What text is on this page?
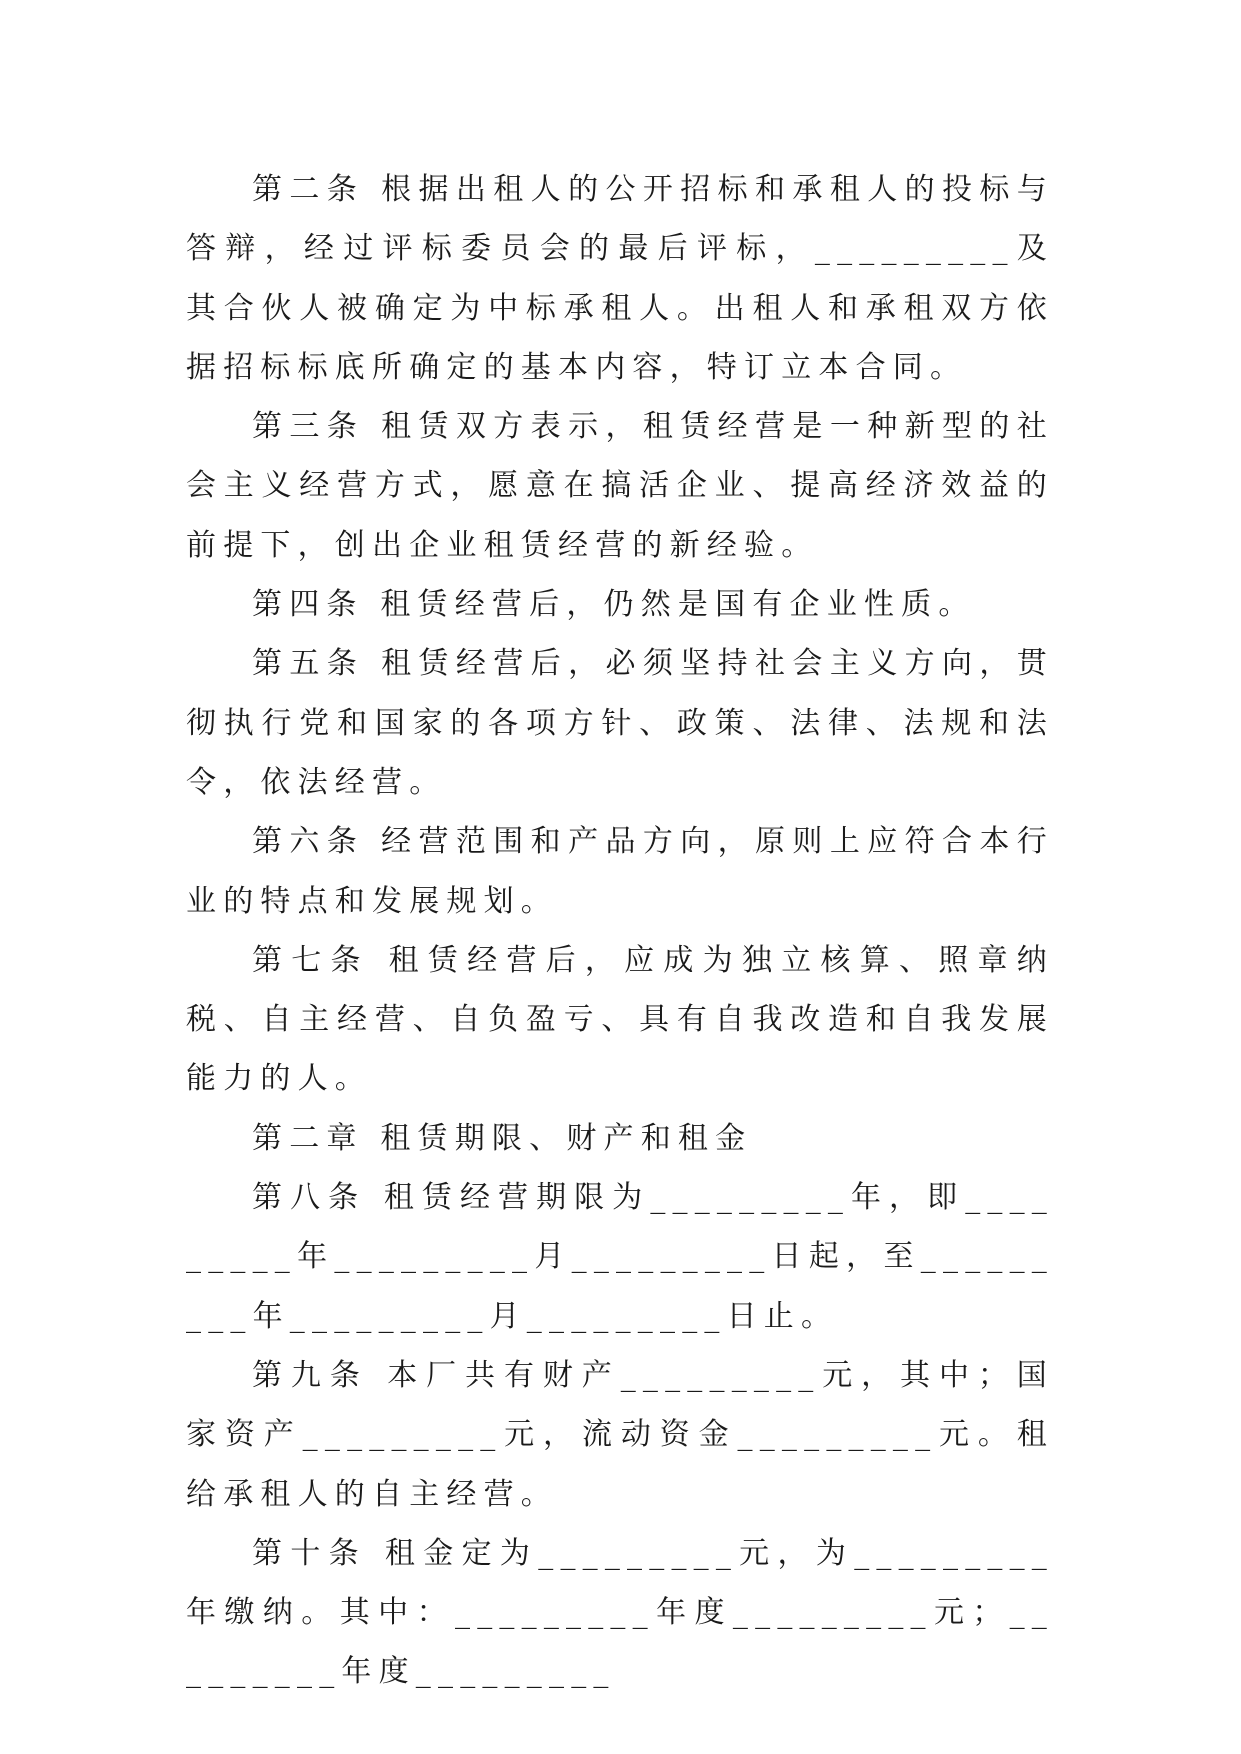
第二条 根据出租人的公开招标和承租人的投标与答辩，经过评标委员会的最后评标，_________及其合伙人被确定为中标承租人。出租人和承租双方依据招标标底所确定的基本内容，特订立本合同。

第三条 租赁双方表示，租赁经营是一种新型的社会主义经营方式，愿意在搞活企业、提高经济效益的前提下，创出企业租赁经营的新经验。

第四条 租赁经营后，仍然是国有企业性质。

第五条 租赁经营后，必须坚持社会主义方向，贯彻执行党和国家的各项方针、政策、法律、法规和法令，依法经营。

第六条 经营范围和产品方向，原则上应符合本行业的特点和发展规划。

第七条 租赁经营后，应成为独立核算、照章纳税、自主经营、自负盈亏、具有自我改造和自我发展能力的人。

第二章 租赁期限、财产和租金

第八条 租赁经营期限为_________年，即_________年_________月_________日起，至_________年_________月_________日止。

第九条 本厂共有财产_________元，其中；国家资产_________元，流动资金_________元。租给承租人的自主经营。

第十条 租金定为_________元，为_________年缴纳。其中：_________年度_________元；_________年度_________
